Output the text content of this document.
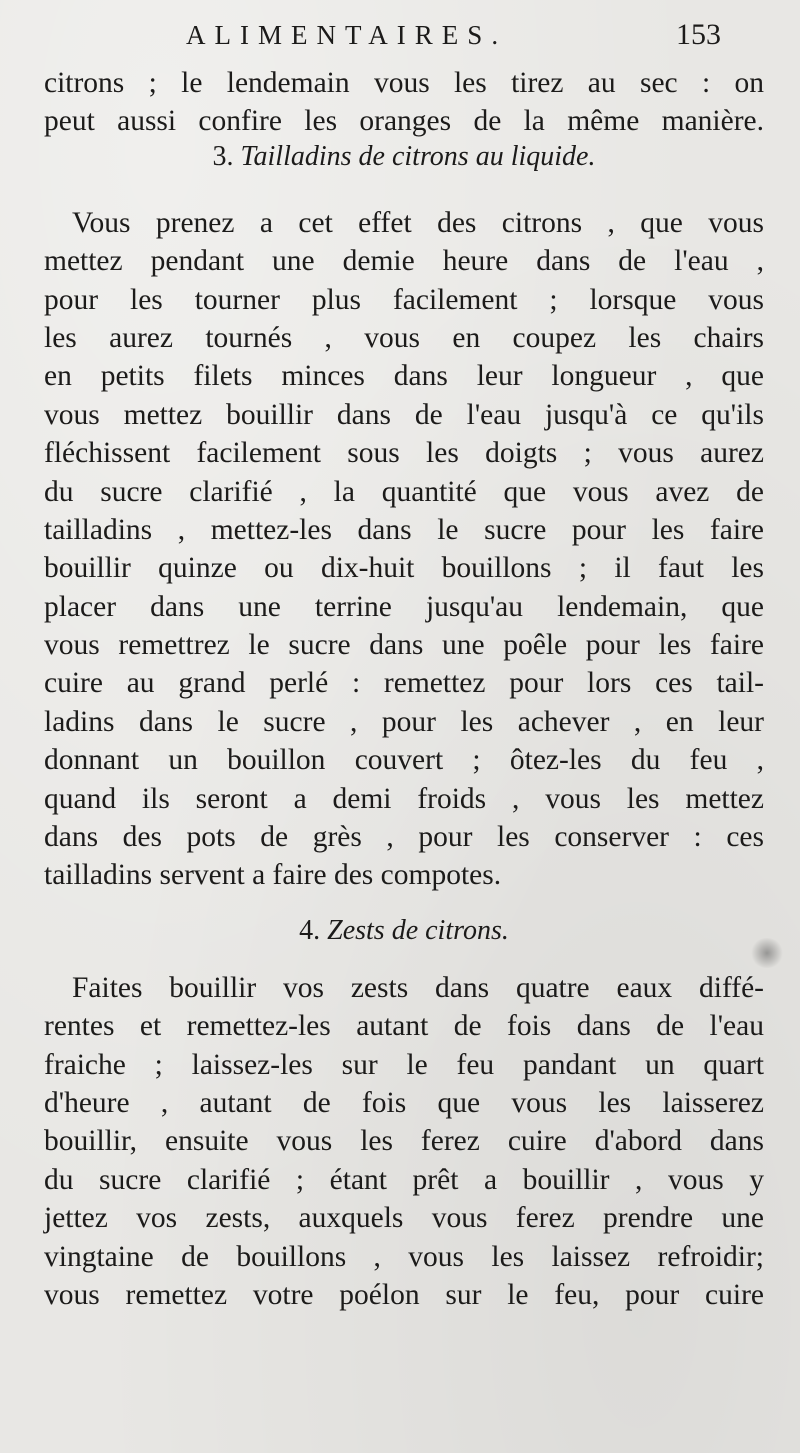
ALIMENTAIRES.	153
citrons ; le lendemain vous les tirez au sec : on
peut aussi confire les oranges de la même manière.
3. Tailladins de citrons au liquide.
Vous prenez a cet effet des citrons , que vous
mettez pendant une demie heure dans de l'eau ,
pour les tourner plus facilement ; lorsque vous
les aurez tournés , vous en coupez les chairs
en petits filets minces dans leur longueur , que
vous mettez bouillir dans de l'eau jusqu'à ce qu'ils
fléchissent facilement sous les doigts ; vous aurez
du sucre clarifié , la quantité que vous avez de
tailladins , mettez-les dans le sucre pour les faire
bouillir quinze ou dix-huit bouillons ; il faut les
placer dans une terrine jusqu'au lendemain, que
vous remettrez le sucre dans une poêle pour les faire
cuire au grand perlé : remettez pour lors ces tail-
ladins dans le sucre , pour les achever , en leur
donnant un bouillon couvert ; ôtez-les du feu ,
quand ils seront a demi froids , vous les mettez
dans des pots de grès , pour les conserver : ces
tailladins servent a faire des compotes.
4. Zests de citrons.
Faites bouillir vos zests dans quatre eaux diffé-
rentes et remettez-les autant de fois dans de l'eau
fraiche ; laissez-les sur le feu pandant un quart
d'heure , autant de fois que vous les laisserez
bouillir, ensuite vous les ferez cuire d'abord dans
du sucre clarifié ; étant prêt a bouillir , vous y
jettez vos zests, auxquels vous ferez prendre une
vingtaine de bouillons , vous les laissez refroidir;
vous remettez votre poélon sur le feu, pour cuire
